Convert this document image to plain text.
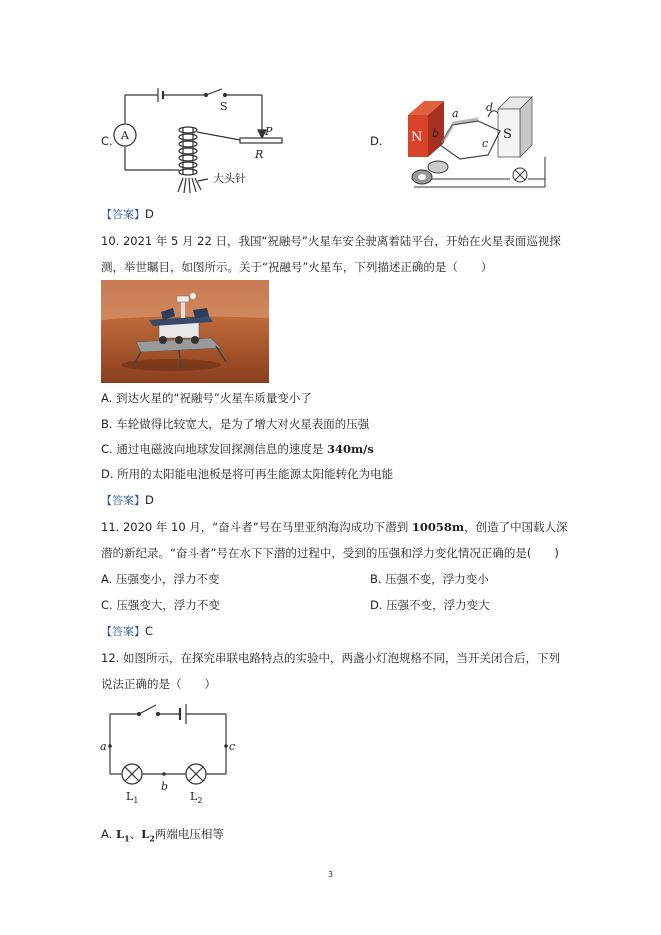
C. A
S
P
R
大头针
D. N	S
a
b
c
d
【答案】D
10. 2021 年 5 月 22 日，我国“祝融号”火星车安全驶离着陆平台，开始在火星表面巡视探
测，举世瞩目，如图所示。关于“祝融号”火星车，下列描述正确的是（　　）
A. 到达火星的“祝融号”火星车质量变小了
B. 车轮做得比较宽大，是为了增大对火星表面的压强
C. 通过电磁波向地球发回探测信息的速度是 340m/s
D. 所用的太阳能电池板是将可再生能源太阳能转化为电能
【答案】D
11. 2020 年 10 月，“奋斗者”号在马里亚纳海沟成功下潜到 10058m，创造了中国载人深
潜的新纪录。“奋斗者”号在水下下潜的过程中，受到的压强和浮力变化情况正确的是(　　)
A. 压强变小，浮力不变	B. 压强不变，浮力变小
C. 压强变大，浮力不变	D. 压强不变，浮力变大
【答案】C
12. 如图所示，在探究串联电路特点的实验中，两盏小灯泡规格不同，当开关闭合后，下列
说法正确的是（　　）
a
b
c
$L_1$	$L_2$
A. $L_1$、$L_2$两端电压相等
3
